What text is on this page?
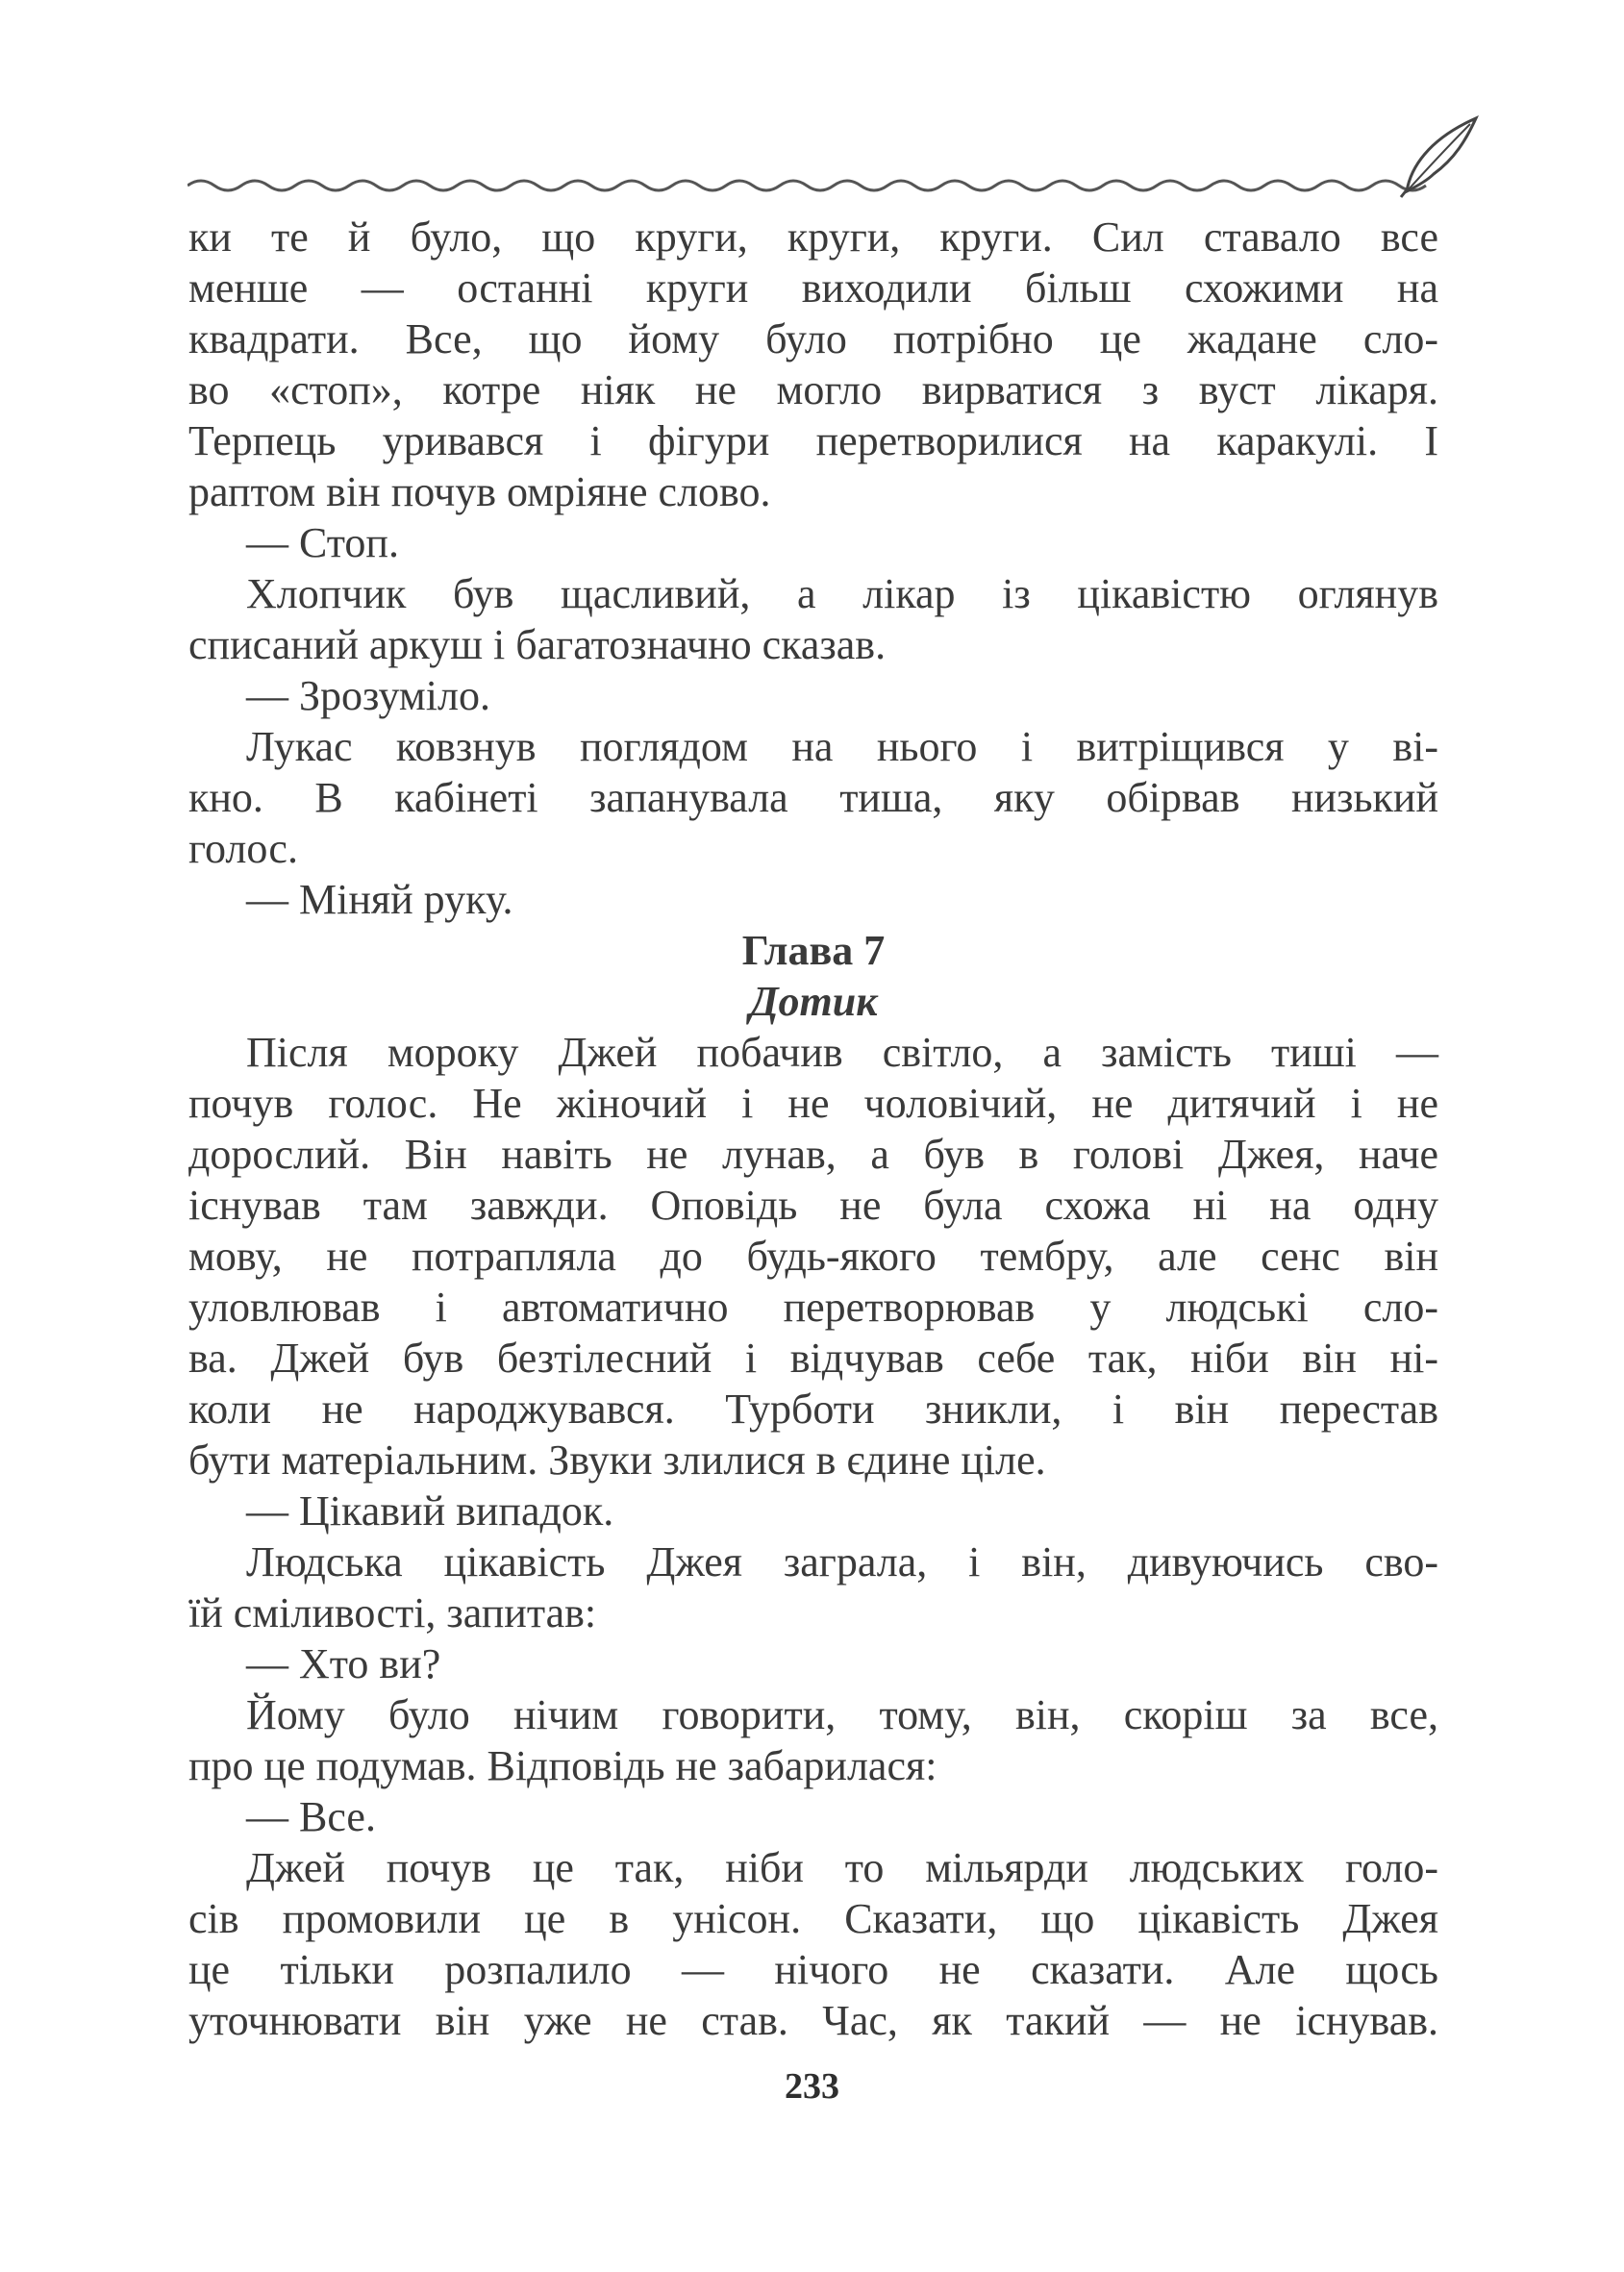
ки те й було, що круги, круги, круги. Сил ставало все

менше — останні круги виходили більш схожими на

квадрати. Все, що йому було потрібно це жадане сло-

во «стоп», котре ніяк не могло вирватися з вуст лікаря.

Терпець уривався і фігури перетворилися на каракулі. І

раптом він почув омріяне слово.

— Стоп.

Хлопчик був щасливий, а лікар із цікавістю оглянув

списаний аркуш і багатозначно сказав.

— Зрозуміло.

Лукас ковзнув поглядом на нього і витріщився у ві-

кно. В кабінеті запанувала тиша, яку обірвав низький

голос.

— Міняй руку.

Глава 7

Дотик

Після мороку Джей побачив світло, а замість тиші —

почув голос. Не жіночий і не чоловічий, не дитячий і не

дорослий. Він навіть не лунав, а був в голові Джея, наче

існував там завжди. Оповідь не була схожа ні на одну

мову, не потрапляла до будь-якого тембру, але сенс він

уловлював і автоматично перетворював у людські сло-

ва. Джей був безтілесний і відчував себе так, ніби він ні-

коли не народжувався. Турботи зникли, і він перестав

бути матеріальним. Звуки злилися в єдине ціле.

— Цікавий випадок.

Людська цікавість Джея заграла, і він, дивуючись сво-

їй сміливості, запитав:

— Хто ви?

Йому було нічим говорити, тому, він, скоріш за все,

про це подумав. Відповідь не забарилася:

— Все.

Джей почув це так, ніби то мільярди людських голо-

сів промовили це в унісон. Сказати, що цікавість Джея

це тільки розпалило — нічого не сказати. Але щось

уточнювати він уже не став. Час, як такий — не існував.

233
